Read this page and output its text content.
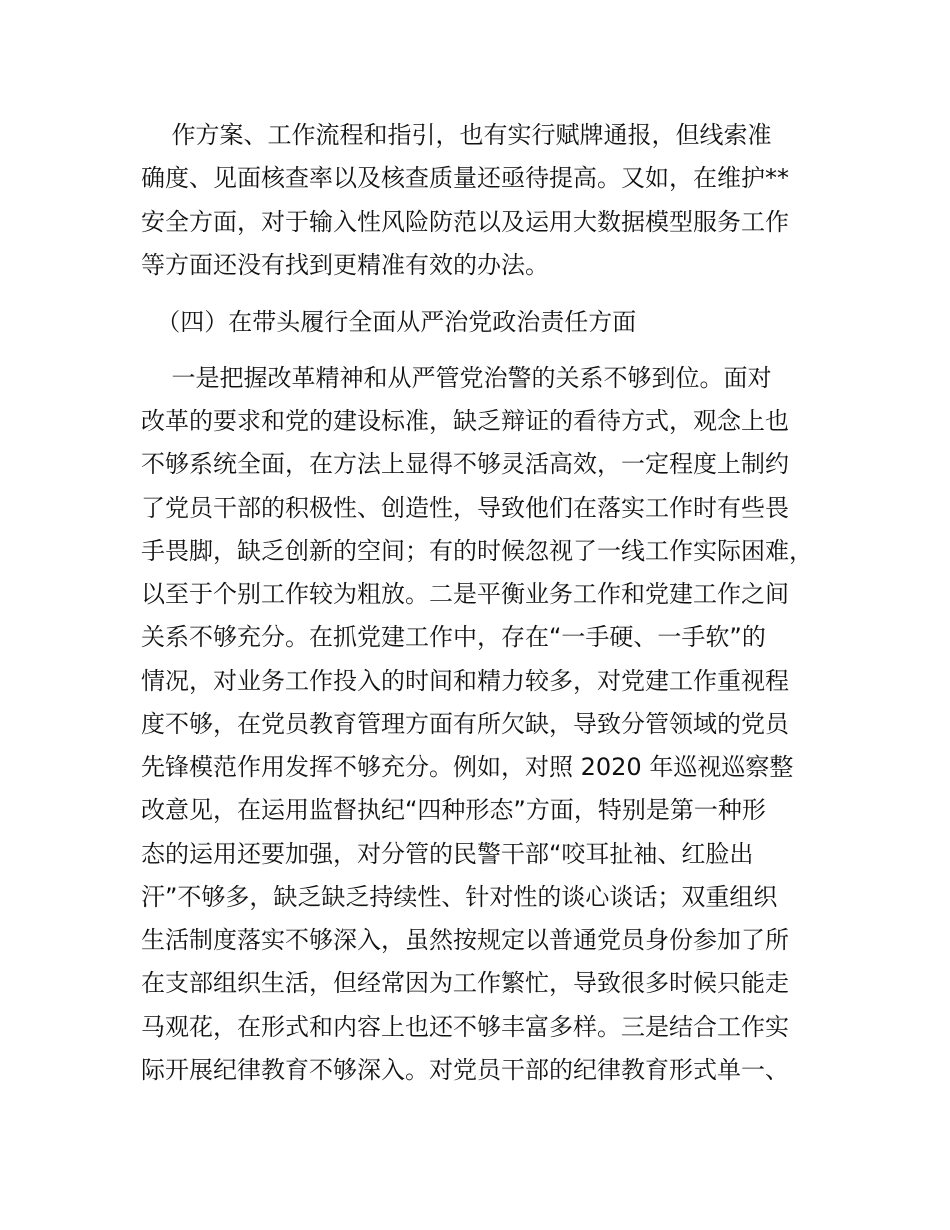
作方案、工作流程和指引，也有实行赋牌通报，但线索准
确度、见面核查率以及核查质量还亟待提高。又如，在维护**
安全方面，对于输入性风险防范以及运用大数据模型服务工作
等方面还没有找到更精准有效的办法。
（四）在带头履行全面从严治党政治责任方面
一是把握改革精神和从严管党治警的关系不够到位。面对
改革的要求和党的建设标准，缺乏辩证的看待方式，观念上也
不够系统全面，在方法上显得不够灵活高效，一定程度上制约
了党员干部的积极性、创造性，导致他们在落实工作时有些畏
手畏脚，缺乏创新的空间；有的时候忽视了一线工作实际困难，
以至于个别工作较为粗放。二是平衡业务工作和党建工作之间
关系不够充分。在抓党建工作中，存在“一手硬、一手软”的
情况，对业务工作投入的时间和精力较多，对党建工作重视程
度不够，在党员教育管理方面有所欠缺，导致分管领域的党员
先锋模范作用发挥不够充分。例如，对照 2020 年巡视巡察整
改意见，在运用监督执纪“四种形态”方面，特别是第一种形
态的运用还要加强，对分管的民警干部“咬耳扯袖、红脸出
汗”不够多，缺乏缺乏持续性、针对性的谈心谈话；双重组织
生活制度落实不够深入，虽然按规定以普通党员身份参加了所
在支部组织生活，但经常因为工作繁忙，导致很多时候只能走
马观花，在形式和内容上也还不够丰富多样。三是结合工作实
际开展纪律教育不够深入。对党员干部的纪律教育形式单一、
